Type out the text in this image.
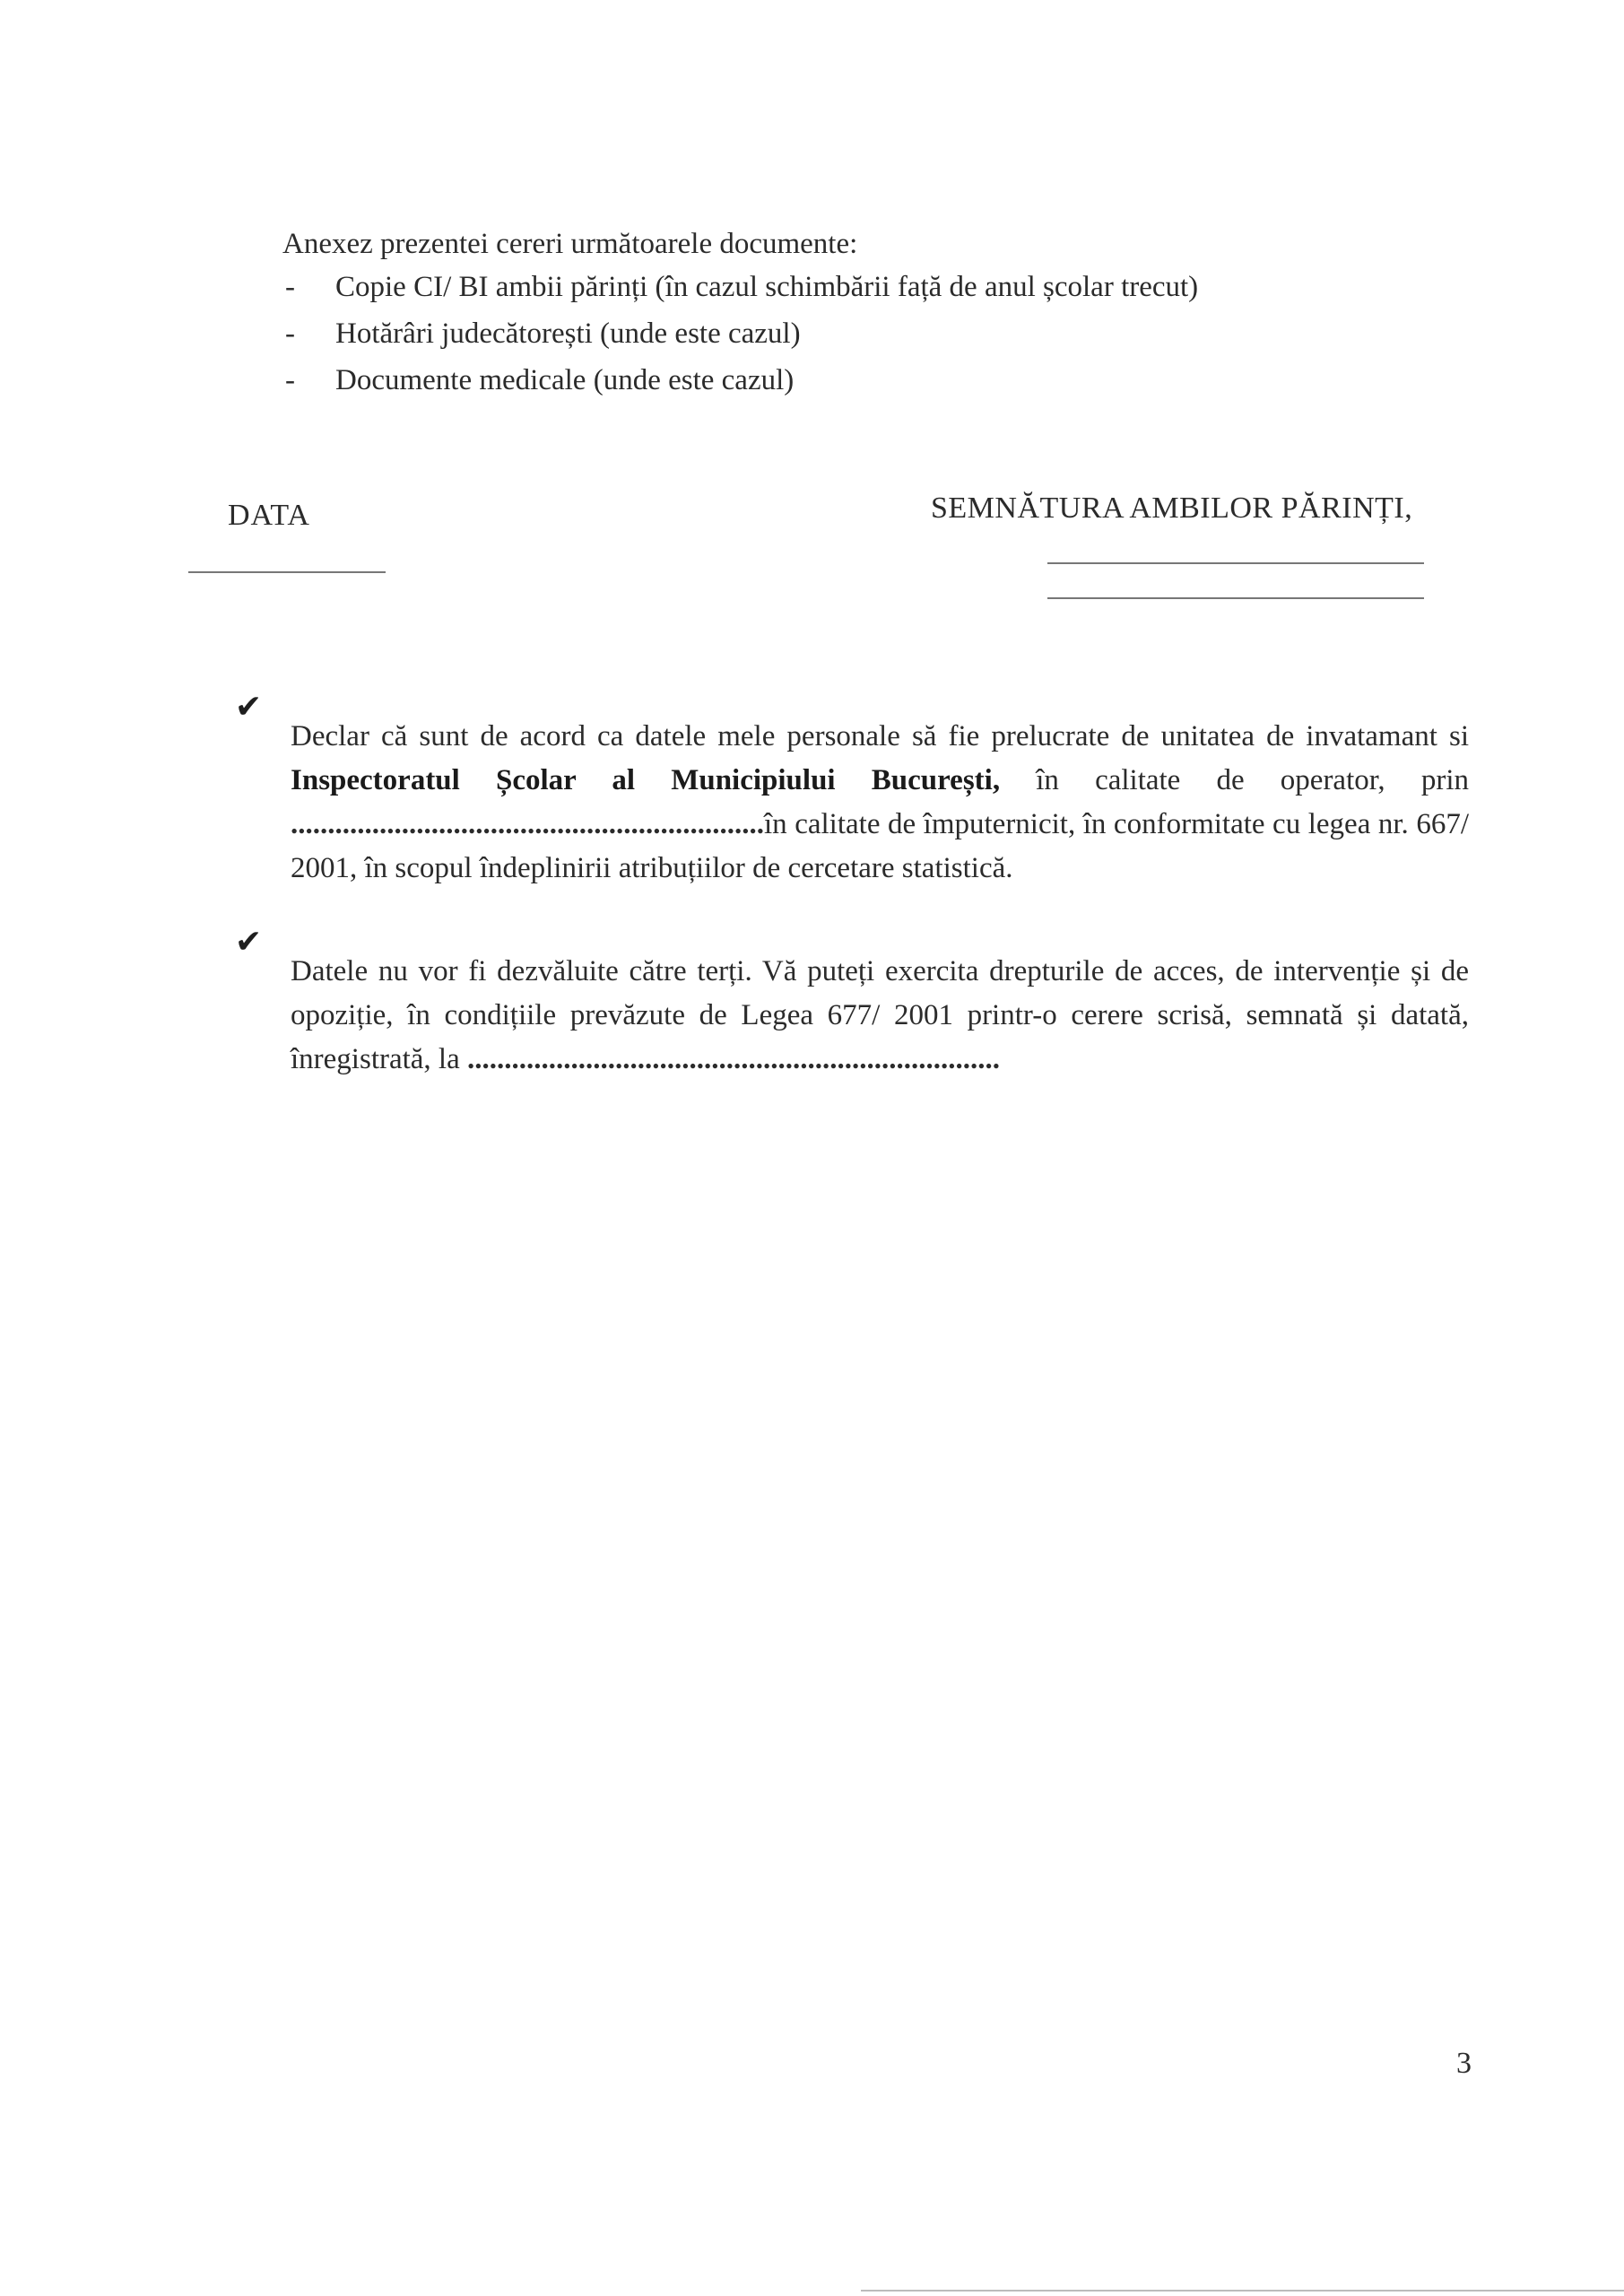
Anexez prezentei cereri următoarele documente:
-	Copie CI/ BI ambii părinți (în cazul schimbării față de anul școlar trecut)
-	Hotărâri judecătorești (unde este cazul)
-	Documente medicale (unde este cazul)
DATA	SEMNĂTURA AMBILOR PĂRINȚI,
✔

Declar că sunt de acord ca datele mele personale să fie prelucrate de unitatea de invatamant si Inspectoratul Școlar al Municipiului București, în calitate de operator, prin ................................................................în calitate de împuternicit, în conformitate cu legea nr. 667/ 2001, în scopul îndeplinirii atribuțiilor de cercetare statistică.

✔

Datele nu vor fi dezvăluite către terți. Vă puteți exercita drepturile de acces, de intervenție și de opoziție, în condițiile prevăzute de Legea 677/ 2001 printr-o cerere scrisă, semnată și datată, înregistrată, la ........................................................................

3
